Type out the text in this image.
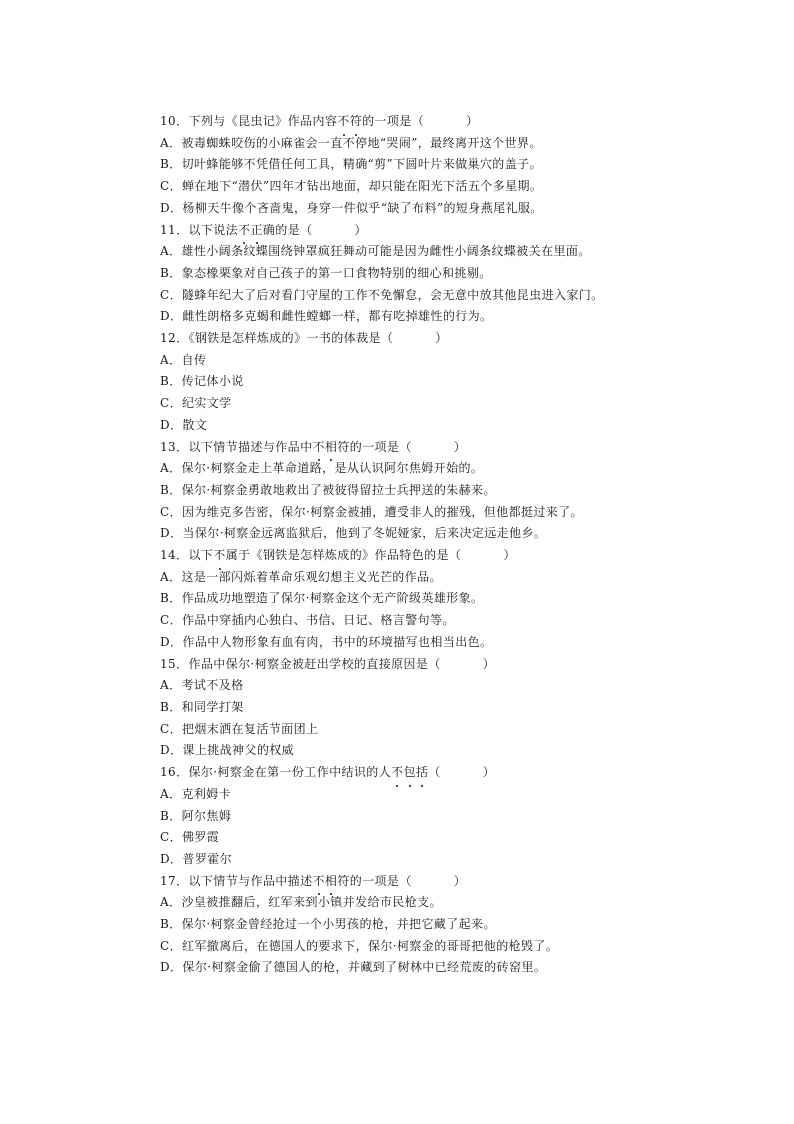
10．下列与《昆虫记》作品内容不符的一项是（	）
A．被毒蜘蛛咬伤的小麻雀会一直不停地“哭闹”，最终离开这个世界。
B．切叶蜂能够不凭借任何工具，精确“剪”下圆叶片来做巢穴的盖子。
C．蝉在地下“潜伏”四年才钻出地面，却只能在阳光下活五个多星期。
D．杨柳天牛像个吝啬鬼，身穿一件似乎“缺了布料”的短身燕尾礼服。
11．以下说法不正确的是（	）
A．雄性小阔条纹蝶围绕钟罩疯狂舞动可能是因为雌性小阔条纹蝶被关在里面。
B．象态橡栗象对自己孩子的第一口食物特别的细心和挑剔。
C．隧蜂年纪大了后对看门守屋的工作不免懈怠，会无意中放其他昆虫进入家门。
D．雌性朗格多克蝎和雌性螳螂一样，都有吃掉雄性的行为。
12．《钢铁是怎样炼成的》一书的体裁是（	）
A．自传
B．传记体小说
C．纪实文学
D．散文
13．以下情节描述与作品中不相符的一项是（	）
A．保尔·柯察金走上革命道路，是从认识阿尔焦姆开始的。
B．保尔·柯察金勇敢地救出了被彼得留拉士兵押送的朱赫来。
C．因为维克多告密，保尔·柯察金被捕，遭受非人的摧残，但他都挺过来了。
D．当保尔·柯察金远离监狱后，他到了冬妮娅家，后来决定远走他乡。
14．以下不属于《钢铁是怎样炼成的》作品特色的是（	）
A．这是一部闪烁着革命乐观幻想主义光芒的作品。
B．作品成功地塑造了保尔·柯察金这个无产阶级英雄形象。
C．作品中穿插内心独白、书信、日记、格言警句等。
D．作品中人物形象有血有肉，书中的环境描写也相当出色。
15．作品中保尔·柯察金被赶出学校的直接原因是（	）
A．考试不及格
B．和同学打架
C．把烟末洒在复活节面团上
D．课上挑战神父的权威
16．保尔·柯察金在第一份工作中结识的人不包括（	）
A．克利姆卡
B．阿尔焦姆
C．佛罗霞
D．普罗霍尔
17．以下情节与作品中描述不相符的一项是（	）
A．沙皇被推翻后，红军来到小镇并发给市民枪支。
B．保尔·柯察金曾经抢过一个小男孩的枪，并把它藏了起来。
C．红军撤离后，在德国人的要求下，保尔·柯察金的哥哥把他的枪毁了。
D．保尔·柯察金偷了德国人的枪，并藏到了树林中已经荒废的砖窑里。
